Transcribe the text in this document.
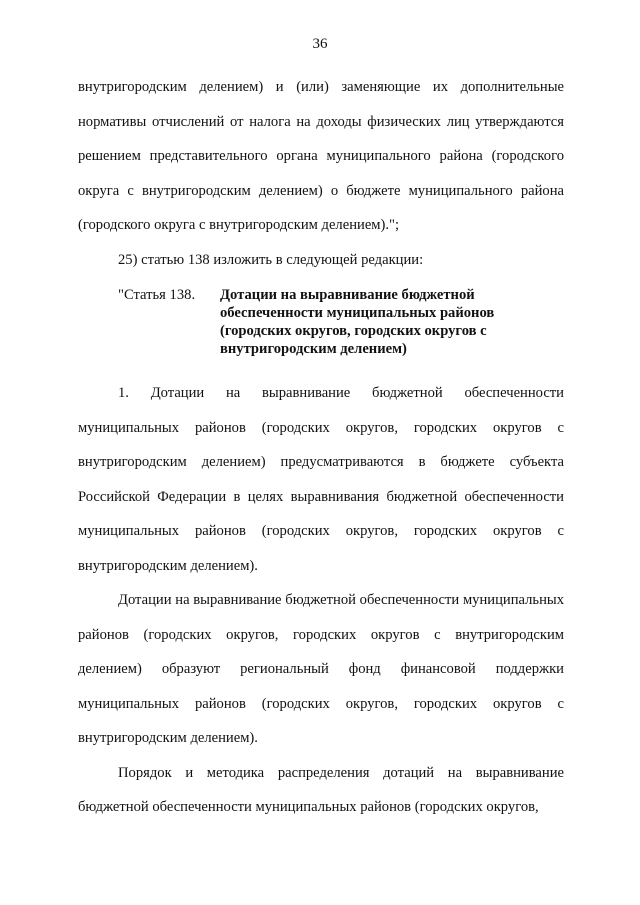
36

внутригородским делением) и (или) заменяющие их дополнительные нормативы отчислений от налога на доходы физических лиц утверждаются решением представительного органа муниципального района (городского округа с внутригородским делением) о бюджете муниципального района (городского округа с внутригородским делением).";

25) статью 138 изложить в следующей редакции:

"Статья 138.	Дотации на выравнивание бюджетной обеспеченности муниципальных районов (городских округов, городских округов с внутригородским делением)

1. Дотации на выравнивание бюджетной обеспеченности муниципальных районов (городских округов, городских округов с внутригородским делением) предусматриваются в бюджете субъекта Российской Федерации в целях выравнивания бюджетной обеспеченности муниципальных районов (городских округов, городских округов с внутригородским делением).

Дотации на выравнивание бюджетной обеспеченности муниципальных районов (городских округов, городских округов с внутригородским делением) образуют региональный фонд финансовой поддержки муниципальных районов (городских округов, городских округов с внутригородским делением).

Порядок и методика распределения дотаций на выравнивание бюджетной обеспеченности муниципальных районов (городских округов,
